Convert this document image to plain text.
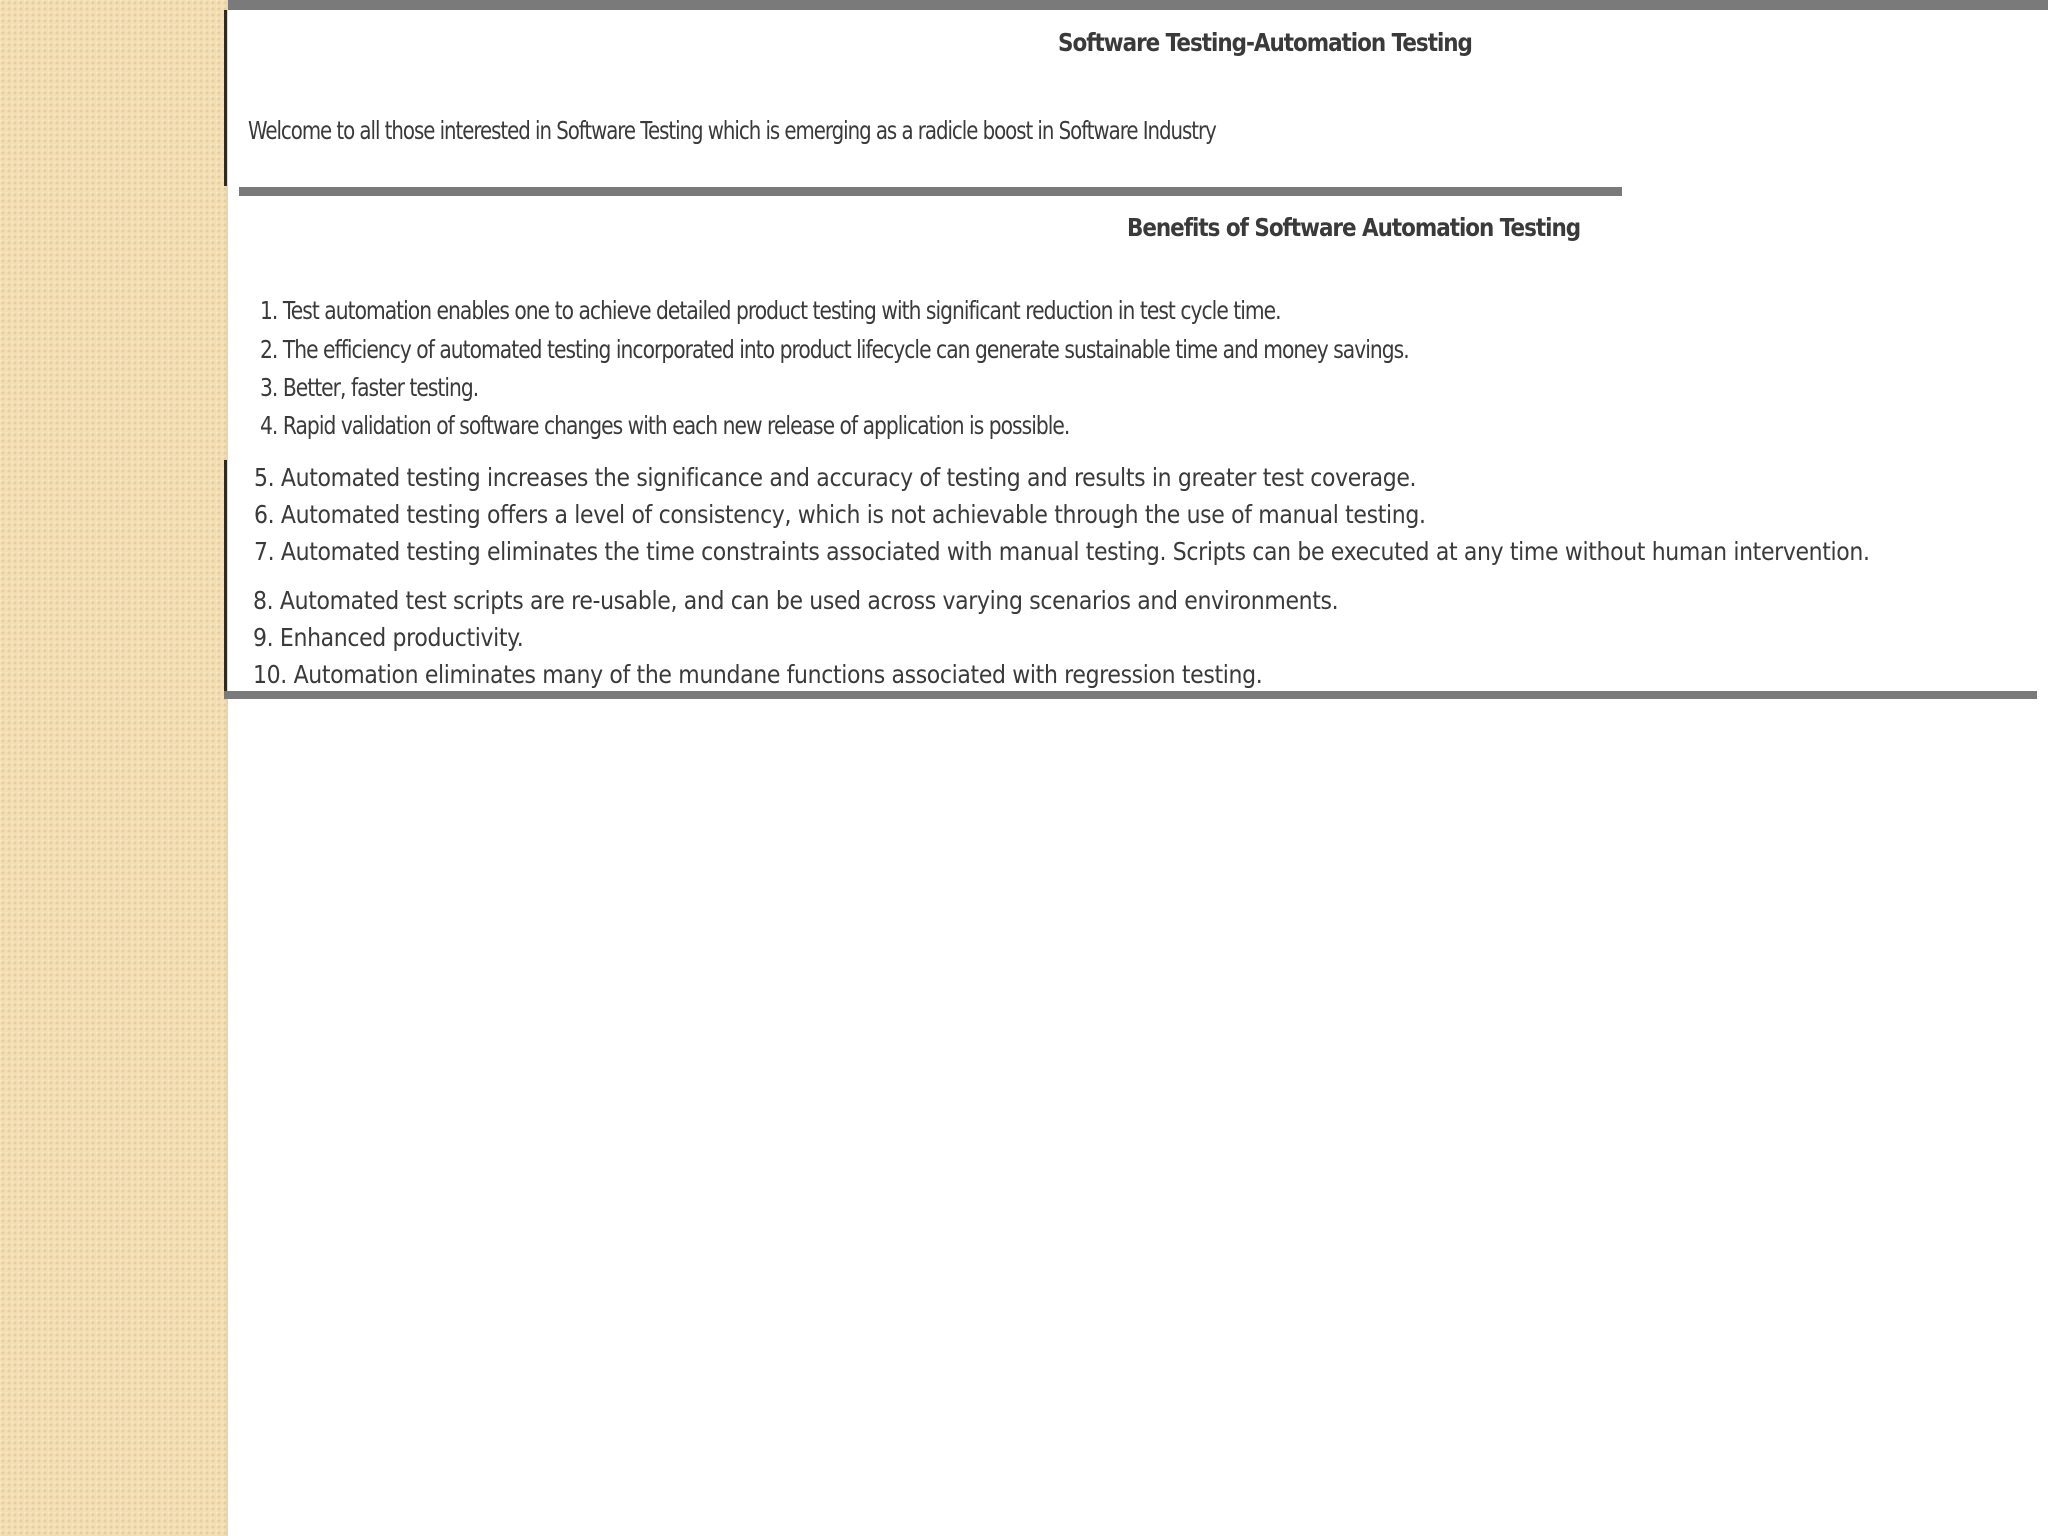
Software Testing-Automation Testing
Welcome to all those interested in Software Testing which is emerging as a radicle boost in Software Industry
Benefits of Software Automation Testing
1. Test automation enables one to achieve detailed product testing with significant reduction in test cycle time.
2. The efficiency of automated testing incorporated into product lifecycle can generate sustainable time and money savings.
3. Better, faster testing.
4. Rapid validation of software changes with each new release of application is possible.
5. Automated testing increases the significance and accuracy of testing and results in greater test coverage.
6. Automated testing offers a level of consistency, which is not achievable through the use of manual testing.
7. Automated testing eliminates the time constraints associated with manual testing. Scripts can be executed at any time without human intervention.
8. Automated test scripts are re-usable, and can be used across varying scenarios and environments.
9. Enhanced productivity.
10. Automation eliminates many of the mundane functions associated with regression testing.
